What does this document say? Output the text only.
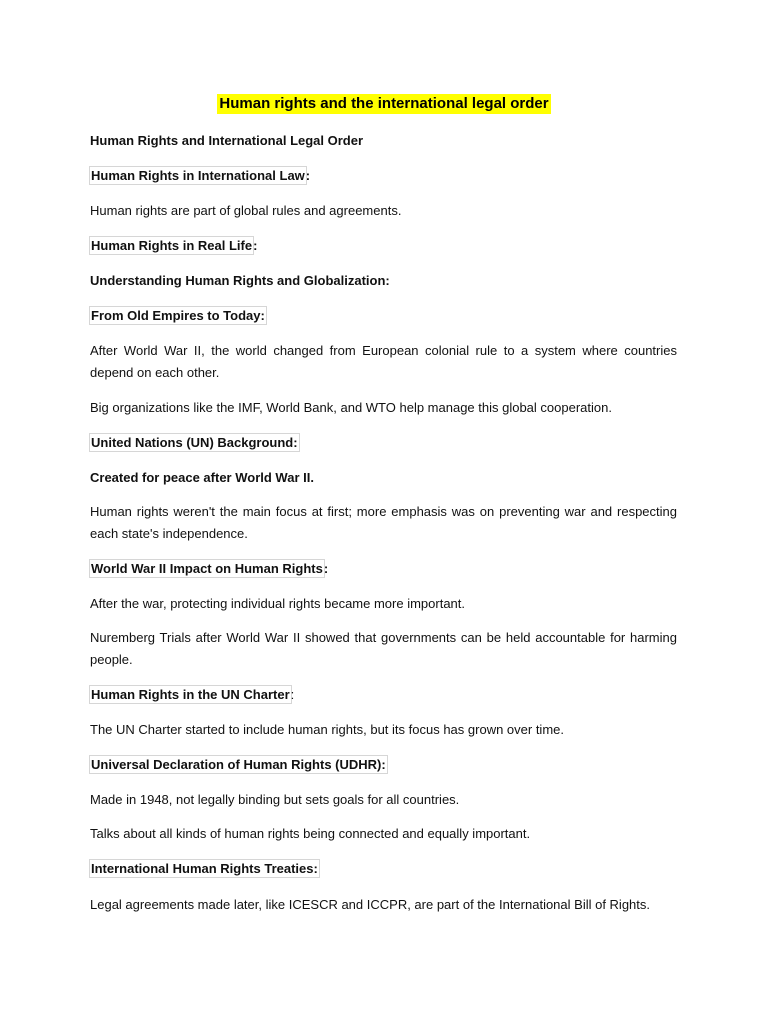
Human rights and the international legal order
Human Rights and International Legal Order
Human Rights in International Law:
Human rights are part of global rules and agreements.
Human Rights in Real Life:
Understanding Human Rights and Globalization:
From Old Empires to Today:
After World War II, the world changed from European colonial rule to a system where countries depend on each other.
Big organizations like the IMF, World Bank, and WTO help manage this global cooperation.
United Nations (UN) Background:
Created for peace after World War II.
Human rights weren't the main focus at first; more emphasis was on preventing war and respecting each state's independence.
World War II Impact on Human Rights:
After the war, protecting individual rights became more important.
Nuremberg Trials after World War II showed that governments can be held accountable for harming people.
Human Rights in the UN Charter:
The UN Charter started to include human rights, but its focus has grown over time.
Universal Declaration of Human Rights (UDHR):
Made in 1948, not legally binding but sets goals for all countries.
Talks about all kinds of human rights being connected and equally important.
International Human Rights Treaties:
Legal agreements made later, like ICESCR and ICCPR, are part of the International Bill of Rights.
